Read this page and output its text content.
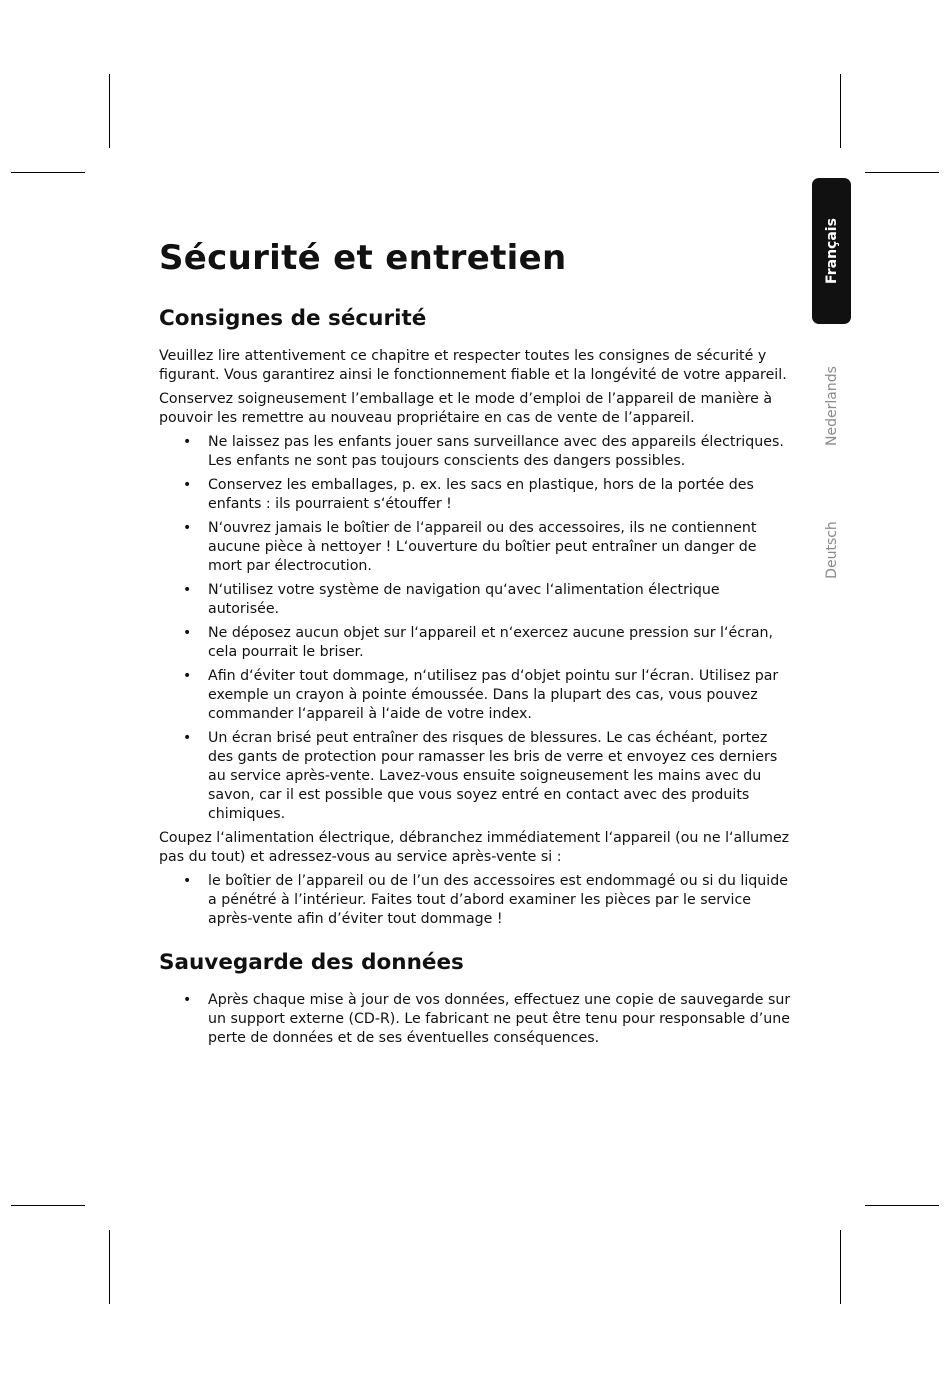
Français
Nederlands
Deutsch
Sécurité et entretien
Consignes de sécurité

Veuillez lire attentivement ce chapitre et respecter toutes les consignes de sécurité y figurant. Vous garantirez ainsi le fonctionnement fiable et la longévité de votre appareil.

Conservez soigneusement l’emballage et le mode d’emploi de l’appareil de manière à pouvoir les remettre au nouveau propriétaire en cas de vente de l’appareil.

• Ne laissez pas les enfants jouer sans surveillance avec des appareils électriques. Les enfants ne sont pas toujours conscients des dangers possibles.
• Conservez les emballages, p. ex. les sacs en plastique, hors de la portée des enfants : ils pourraient s‘étouffer !
• N‘ouvrez jamais le boîtier de l‘appareil ou des accessoires, ils ne contiennent aucune pièce à nettoyer ! L‘ouverture du boîtier peut entraîner un danger de mort par électrocution.
• N‘utilisez votre système de navigation qu‘avec l‘alimentation électrique autorisée.
• Ne déposez aucun objet sur l‘appareil et n‘exercez aucune pression sur l‘écran, cela pourrait le briser.
• Afin d‘éviter tout dommage, n‘utilisez pas d‘objet pointu sur l‘écran. Utilisez par exemple un crayon à pointe émoussée. Dans la plupart des cas, vous pouvez commander l‘appareil à l‘aide de votre index.
• Un écran brisé peut entraîner des risques de blessures. Le cas échéant, portez des gants de protection pour ramasser les bris de verre et envoyez ces derniers au service après-vente. Lavez-vous ensuite soigneusement les mains avec du savon, car il est possible que vous soyez entré en contact avec des produits chimiques.

Coupez l‘alimentation électrique, débranchez immédiatement l‘appareil (ou ne l‘allumez pas du tout) et adressez-vous au service après-vente si :

• le boîtier de l’appareil ou de l’un des accessoires est endommagé ou si du liquide a pénétré à l’intérieur. Faites tout d’abord examiner les pièces par le service après-vente afin d’éviter tout dommage !
Sauvegarde des données
• Après chaque mise à jour de vos données, effectuez une copie de sauvegarde sur un support externe (CD-R). Le fabricant ne peut être tenu pour responsable d’une perte de données et de ses éventuelles conséquences.
